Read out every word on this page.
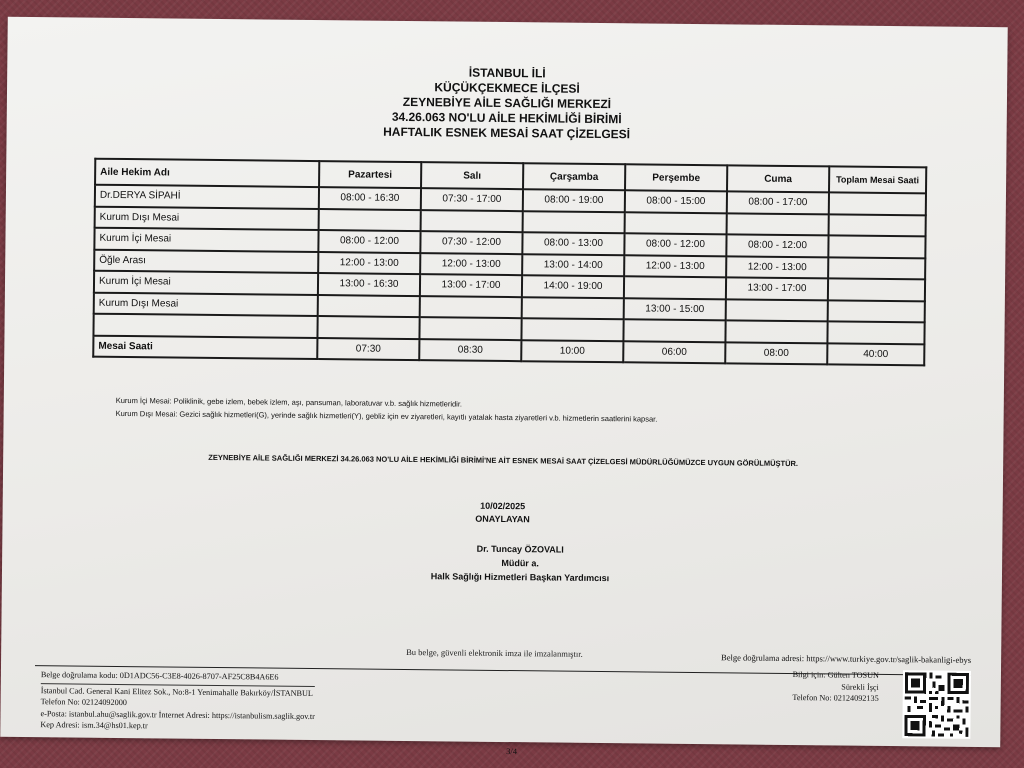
İSTANBUL İLİ
KÜÇÜKÇEKMECE İLÇESİ
ZEYNEBİYE AİLE SAĞLIĞI MERKEZİ
34.26.063 NO'LU AİLE HEKİMLİĞİ BİRİMİ
HAFTALIK ESNEK MESAİ SAAT ÇİZELGESİ
Aile Hekim Adı	Pazartesi	Salı	Çarşamba	Perşembe	Cuma	Toplam Mesai Saati
Dr.DERYA SİPAHİ	08:00 - 16:30	07:30 - 17:00	08:00 - 19:00	08:00 - 15:00	08:00 - 17:00	
Kurum Dışı Mesai						
Kurum İçi Mesai	08:00 - 12:00	07:30 - 12:00	08:00 - 13:00	08:00 - 12:00	08:00 - 12:00	
Öğle Arası	12:00 - 13:00	12:00 - 13:00	13:00 - 14:00	12:00 - 13:00	12:00 - 13:00	
Kurum İçi Mesai	13:00 - 16:30	13:00 - 17:00	14:00 - 19:00		13:00 - 17:00	
Kurum Dışı Mesai				13:00 - 15:00		

Mesai Saati	07:30	08:30	10:00	06:00	08:00	40:00
Kurum İçi Mesai: Poliklinik, gebe izlem, bebek izlem, aşı, pansuman, laboratuvar v.b. sağlık hizmetleridir.
Kurum Dışı Mesai: Gezici sağlık hizmetleri(G), yerinde sağlık hizmetleri(Y), gebliz için ev ziyaretleri, kayıtlı yatalak hasta ziyaretleri v.b. hizmetlerin saatlerini kapsar.
ZEYNEBİYE AİLE SAĞLIĞI MERKEZİ 34.26.063 NO'LU AİLE HEKİMLİĞİ BİRİMİ'NE AİT ESNEK MESAİ SAAT ÇİZELGESİ MÜDÜRLÜĞÜMÜZCE UYGUN GÖRÜLMÜŞTÜR.
10/02/2025
ONAYLAYAN
Dr. Tuncay ÖZOVALI
Müdür a.
Halk Sağlığı Hizmetleri Başkan Yardımcısı
Bu belge, güvenli elektronik imza ile imzalanmıştır.	Belge doğrulama adresi: https://www.turkiye.gov.tr/saglik-bakanligi-ebys
Belge doğrulama kodu: 0D1ADC56-C3E8-4026-8707-AF25C8B4A6E6
İstanbul Cad. General Kani Elitez Sok., No:8-1 Yenimahalle Bakırköy/İSTANBUL
Telefon No: 02124092000
e-Posta: istanbul.ahu@saglik.gov.tr İnternet Adresi: https://istanbulism.saglik.gov.tr
Kep Adresi: ism.34@hs01.kep.tr
Bilgi için: Gülten TOSUN
Sürekli İşçi
Telefon No: 02124092135
3/4
